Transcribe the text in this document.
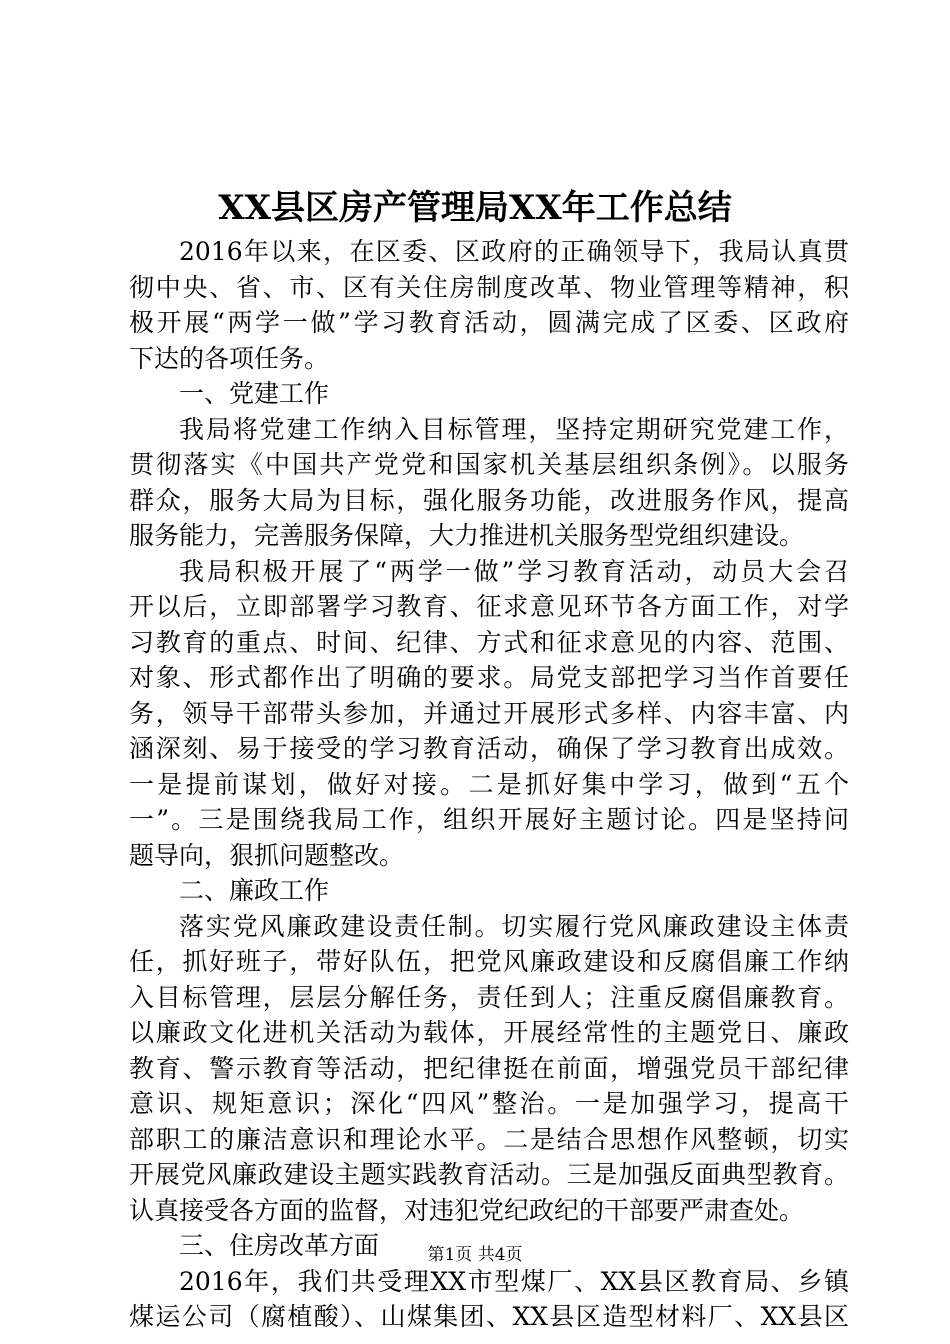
XX县区房产管理局XX年工作总结
2016年以来，在区委、区政府的正确领导下，我局认真贯
彻中央、省、市、区有关住房制度改革、物业管理等精神，积
极开展“两学一做”学习教育活动，圆满完成了区委、区政府
下达的各项任务。
一、党建工作
我局将党建工作纳入目标管理，坚持定期研究党建工作，
贯彻落实《中国共产党党和国家机关基层组织条例》。以服务
群众，服务大局为目标，强化服务功能，改进服务作风，提高
服务能力，完善服务保障，大力推进机关服务型党组织建设。
我局积极开展了“两学一做”学习教育活动，动员大会召
开以后，立即部署学习教育、征求意见环节各方面工作，对学
习教育的重点、时间、纪律、方式和征求意见的内容、范围、
对象、形式都作出了明确的要求。局党支部把学习当作首要任
务，领导干部带头参加，并通过开展形式多样、内容丰富、内
涵深刻、易于接受的学习教育活动，确保了学习教育出成效。
一是提前谋划，做好对接。二是抓好集中学习，做到“五个
一”。三是围绕我局工作，组织开展好主题讨论。四是坚持问
题导向，狠抓问题整改。
二、廉政工作
落实党风廉政建设责任制。切实履行党风廉政建设主体责
任，抓好班子，带好队伍，把党风廉政建设和反腐倡廉工作纳
入目标管理，层层分解任务，责任到人；注重反腐倡廉教育。
以廉政文化进机关活动为载体，开展经常性的主题党日、廉政
教育、警示教育等活动，把纪律挺在前面，增强党员干部纪律
意识、规矩意识；深化“四风”整治。一是加强学习，提高干
部职工的廉洁意识和理论水平。二是结合思想作风整顿，切实
开展党风廉政建设主题实践教育活动。三是加强反面典型教育。
认真接受各方面的监督，对违犯党纪政纪的干部要严肃查处。
三、住房改革方面
2016年，我们共受理XX市型煤厂、XX县区教育局、乡镇
煤运公司（腐植酸）、山煤集团、XX县区造型材料厂、XX县区
第1页 共4页
